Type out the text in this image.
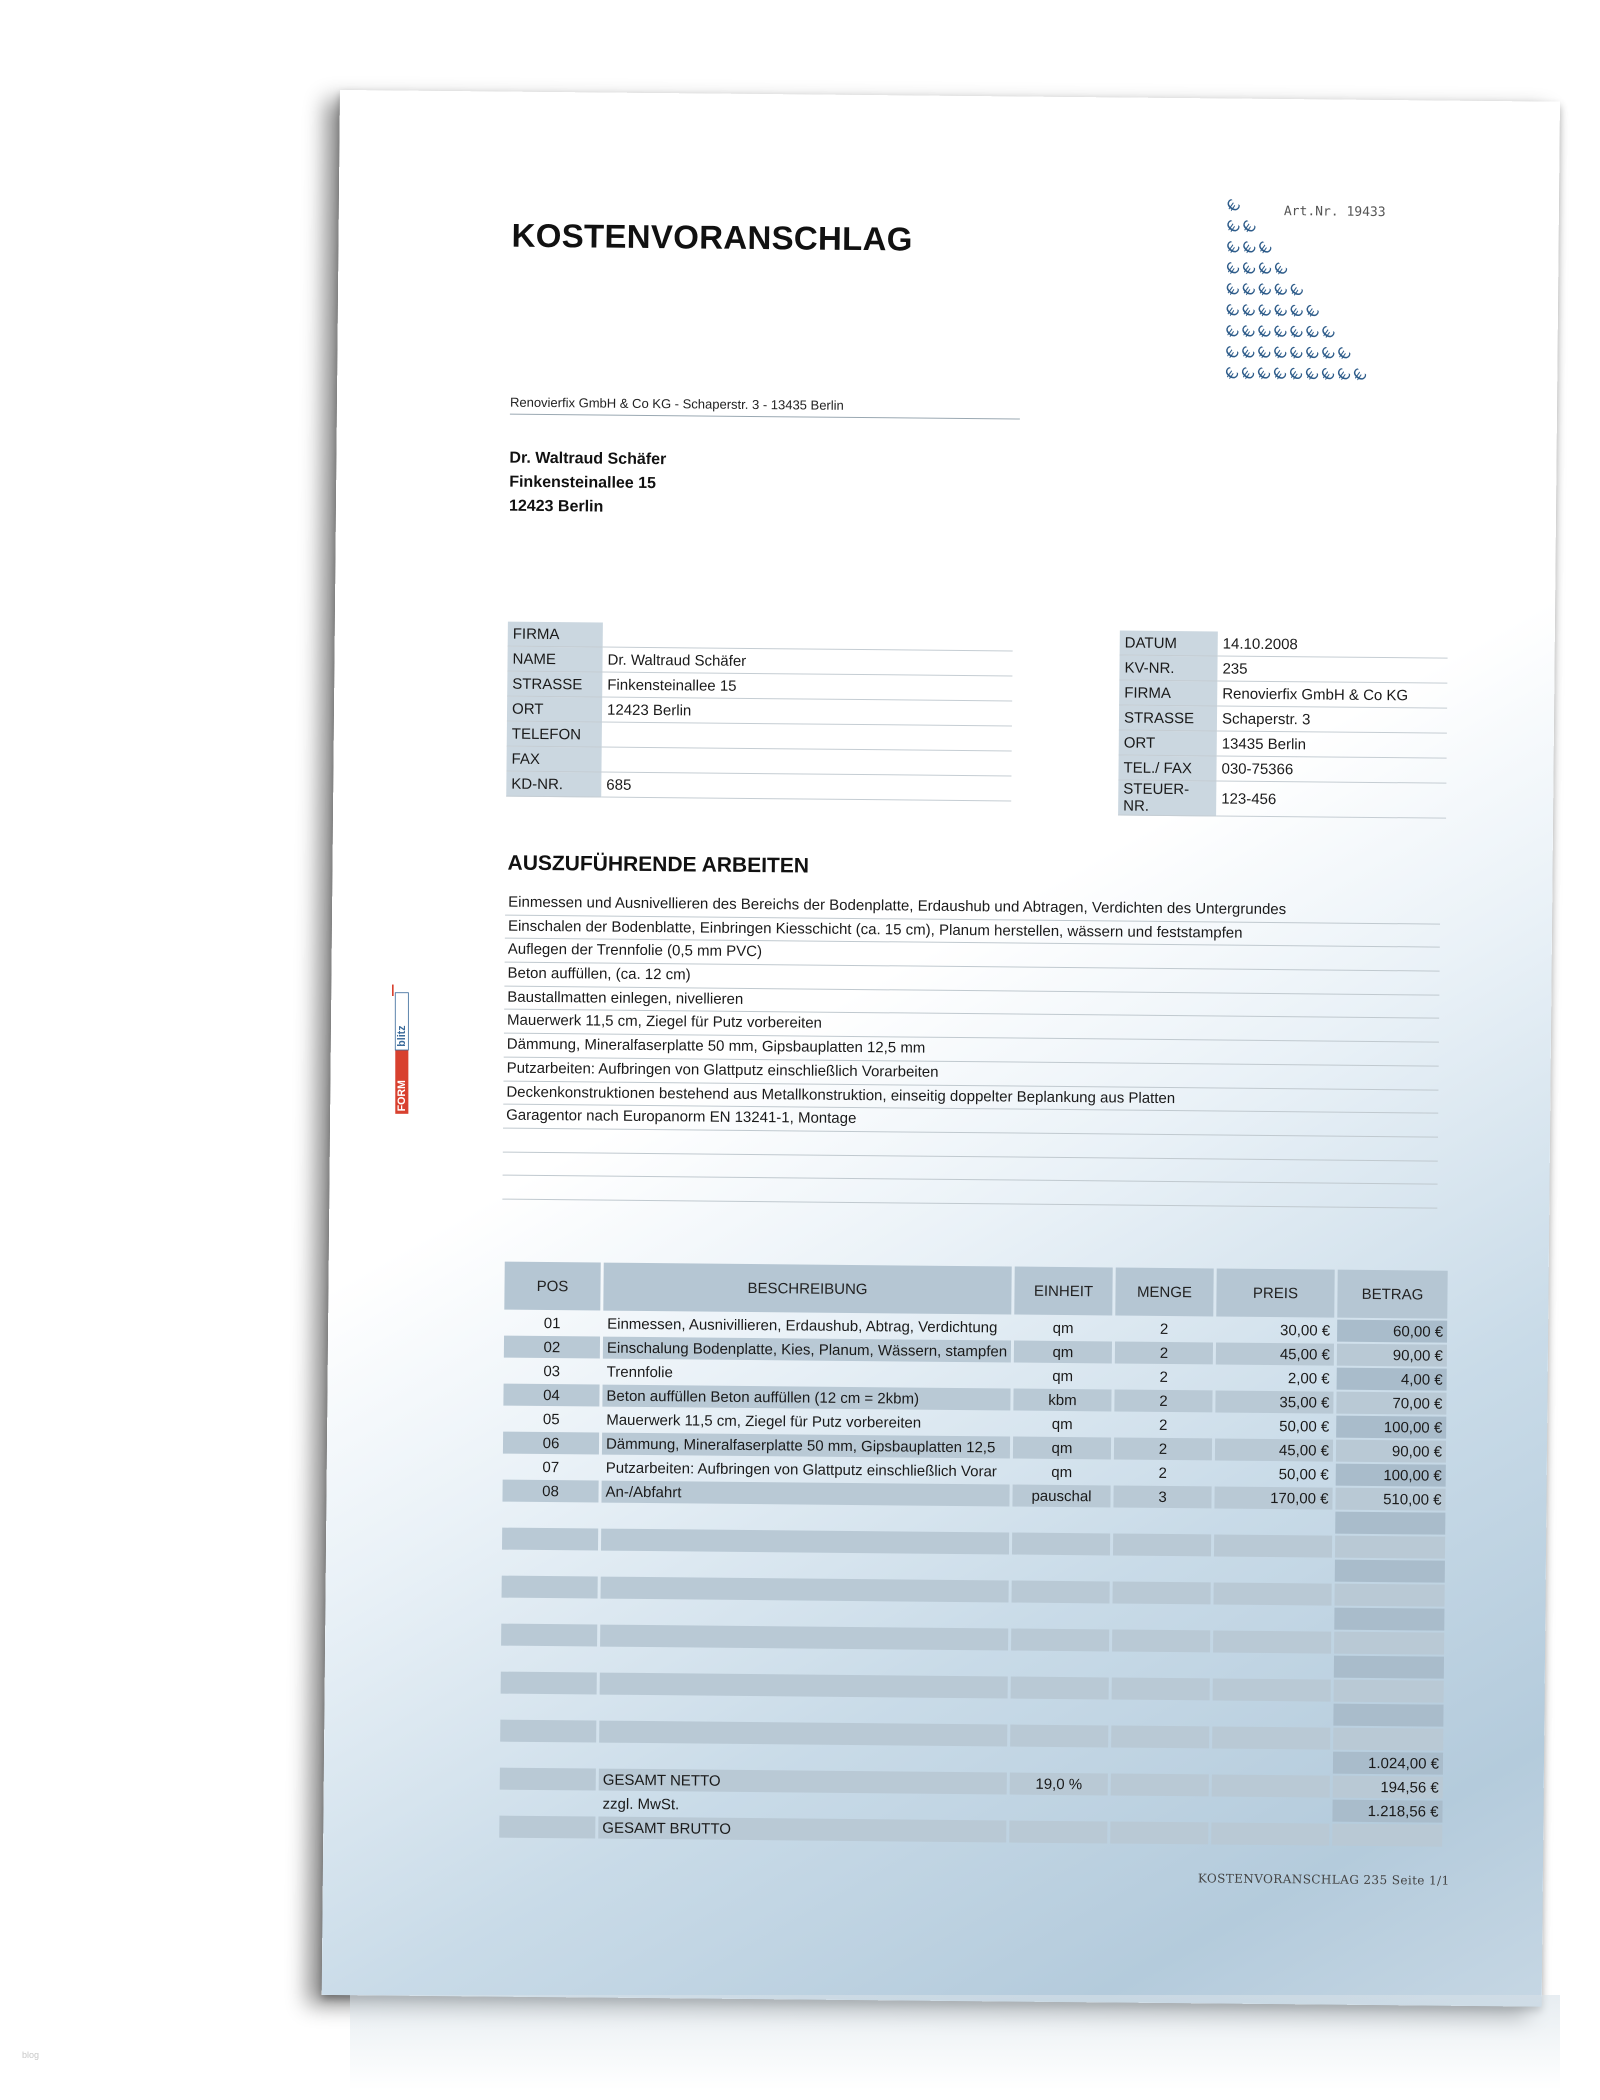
KOSTENVORANSCHLAG
Art.Nr. 19433
€
€
€
€
€
€
€
€
€
€
€
€
€
€
€
€
€
€
€
€
€
€
€
€
€
€
€
€
€
€
€
€
€
€
€
€
€
€
€
€
€
€
€
€
€
Renovierfix GmbH & Co KG - Schaperstr. 3 - 13435 Berlin
Dr. Waltraud Schäfer
Finkensteinallee 15
12423 Berlin
FIRMA	
NAME	Dr. Waltraud Schäfer
STRASSE	Finkensteinallee 15
ORT	12423 Berlin
TELEFON	
FAX	
KD-NR.	685
DATUM	14.10.2008
KV-NR.	235
FIRMA	Renovierfix GmbH & Co KG
STRASSE	Schaperstr. 3
ORT	13435 Berlin
TEL./ FAX	030-75366
STEUER-NR.	123-456
AUSZUFÜHRENDE ARBEITEN
Einmessen und Ausnivellieren des Bereichs der Bodenplatte, Erdaushub und Abtragen, Verdichten des Untergrundes
Einschalen der Bodenblatte, Einbringen Kiesschicht (ca. 15 cm), Planum herstellen, wässern und feststampfen
Auflegen der Trennfolie (0,5 mm PVC)
Beton auffüllen, (ca. 12 cm)
Baustallmatten einlegen, nivellieren
Mauerwerk 11,5 cm, Ziegel für Putz vorbereiten
Dämmung, Mineralfaserplatte 50 mm, Gipsbauplatten 12,5 mm
Putzarbeiten: Aufbringen von Glattputz einschließlich Vorarbeiten
Deckenkonstruktionen bestehend aus Metallkonstruktion, einseitig doppelter Beplankung aus Platten
Garagentor nach Europanorm EN 13241-1, Montage
POS	BESCHREIBUNG	EINHEIT	MENGE	PREIS	BETRAG
01	Einmessen, Ausnivillieren, Erdaushub, Abtrag, Verdichtung	qm	2	30,00 €	60,00 €
02	Einschalung Bodenplatte, Kies, Planum, Wässern, stampfen	qm	2	45,00 €	90,00 €
03	Trennfolie	qm	2	2,00 €	4,00 €
04	Beton auffüllen Beton auffüllen (12 cm = 2kbm)	kbm	2	35,00 €	70,00 €
05	Mauerwerk 11,5 cm, Ziegel für Putz vorbereiten	qm	2	50,00 €	100,00 €
06	Dämmung, Mineralfaserplatte 50 mm, Gipsbauplatten 12,5	qm	2	45,00 €	90,00 €
07	Putzarbeiten: Aufbringen von Glattputz einschließlich Vorar	qm	2	50,00 €	100,00 €
08	An-/Abfahrt	pauschal	3	170,00 €	510,00 €

					1.024,00 €
	GESAMT NETTO	19,0 %			194,56 €
	zzgl. MwSt.				1.218,56 €
	GESAMT BRUTTO				
KOSTENVORANSCHLAG 235 Seite 1/1
FORM
blitz
blog
